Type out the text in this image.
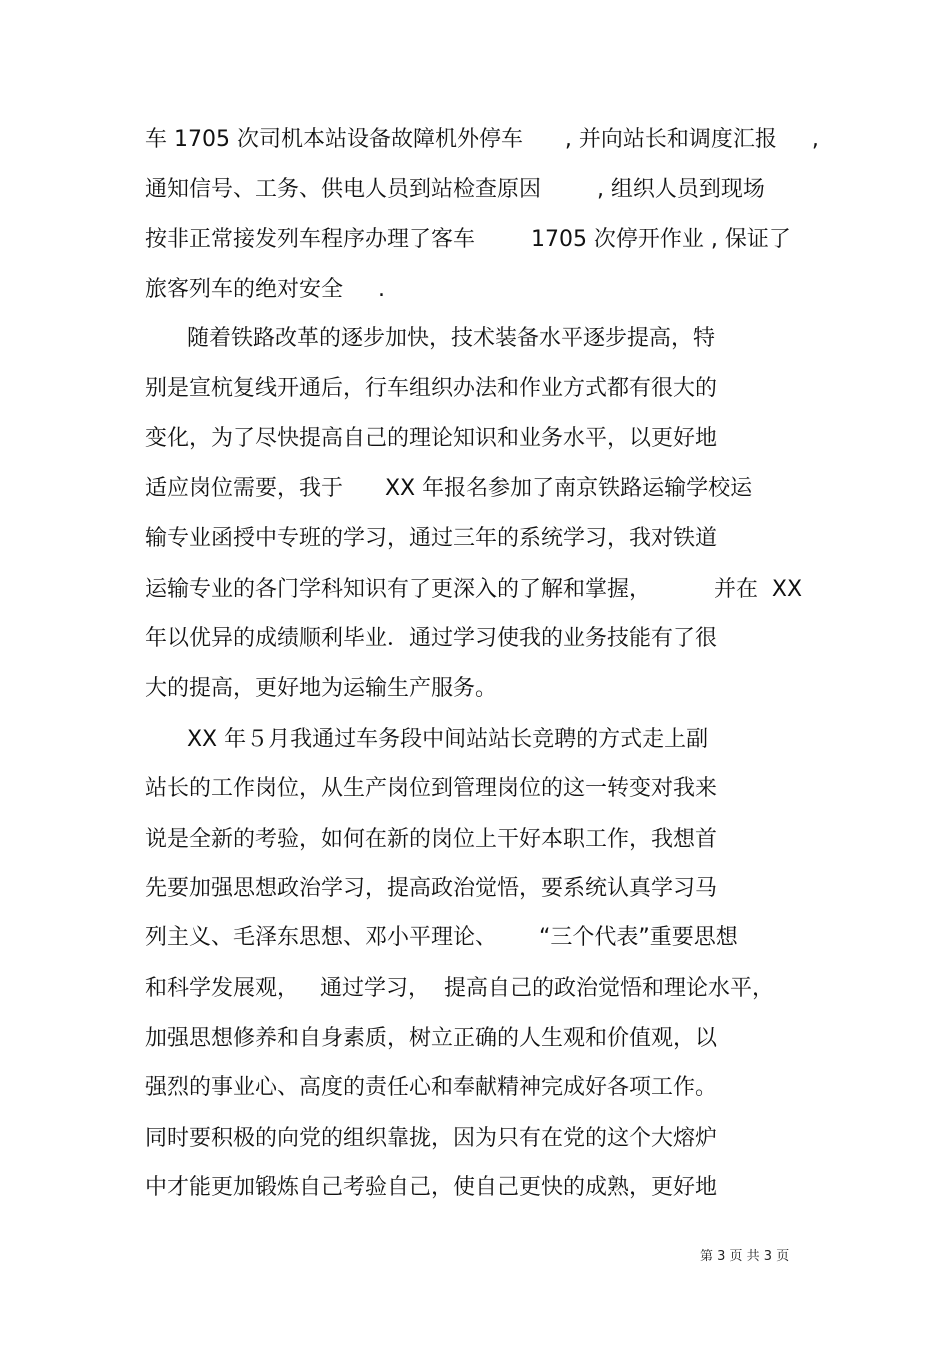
车 1705 次司机本站设备故障机外停车      , 并向站长和调度汇报     ,
通知信号、工务、供电人员到站检查原因        , 组织人员到现场
按非正常接发列车程序办理了客车        1705 次停开作业 , 保证了
旅客列车的绝对安全     .
随着铁路改革的逐步加快，技术装备水平逐步提高，特
别是宣杭复线开通后，行车组织办法和作业方式都有很大的
变化，为了尽快提高自己的理论知识和业务水平，以更好地
适应岗位需要，我于      XX 年报名参加了南京铁路运输学校运
输专业函授中专班的学习，通过三年的系统学习，我对铁道
运输专业的各门学科知识有了更深入的了解和掌握，         并在  XX
年以优异的成绩顺利毕业．通过学习使我的业务技能有了很
大的提高，更好地为运输生产服务。
XX 年５月我通过车务段中间站站长竞聘的方式走上副
站长的工作岗位，从生产岗位到管理岗位的这一转变对我来
说是全新的考验，如何在新的岗位上干好本职工作，我想首
先要加强思想政治学习，提高政治觉悟，要系统认真学习马
列主义、毛泽东思想、邓小平理论、      “三个代表”重要思想
和科学发展观，   通过学习，  提高自己的政治觉悟和理论水平，
加强思想修养和自身素质，树立正确的人生观和价值观，以
强烈的事业心、高度的责任心和奉献精神完成好各项工作。
同时要积极的向党的组织靠拢，因为只有在党的这个大熔炉
中才能更加锻炼自己考验自己，使自己更快的成熟，更好地
第 3 页 共 3 页
